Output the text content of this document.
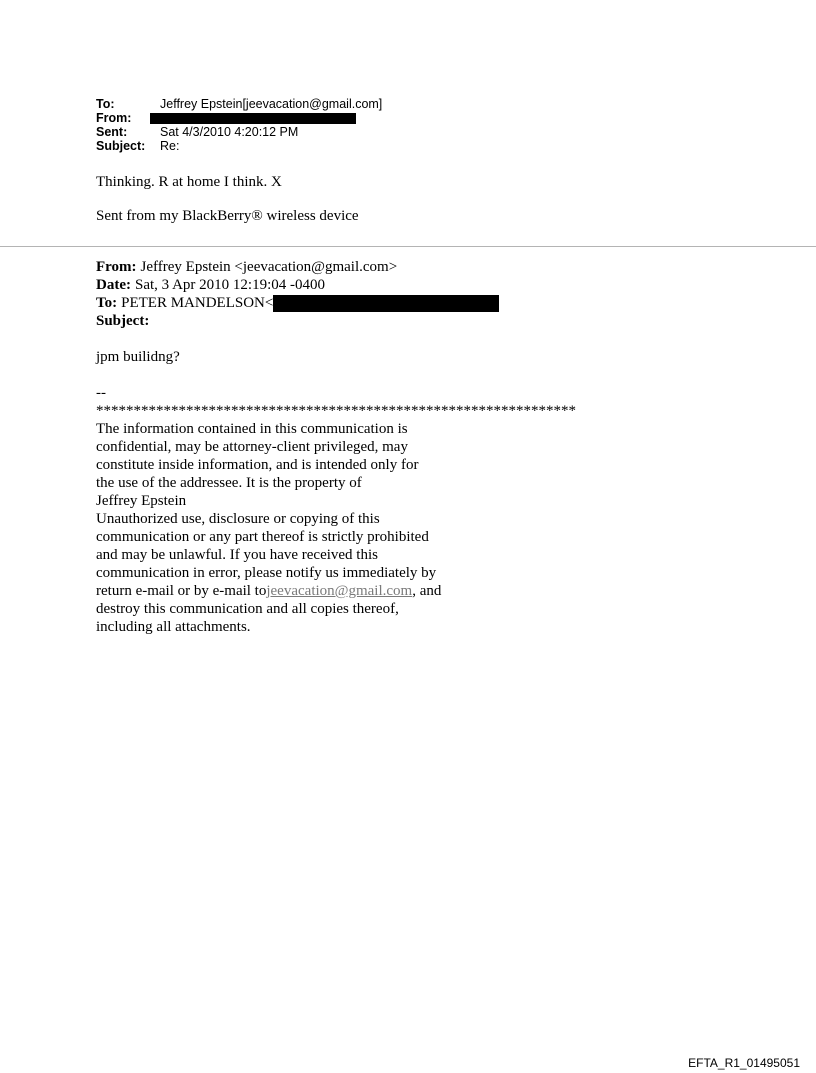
To:	Jeffrey Epstein[jeevacation@gmail.com]
From:
Sent:	Sat 4/3/2010 4:20:12 PM
Subject:	Re:

Thinking. R at home I think. X

Sent from my BlackBerry® wireless device

From: Jeffrey Epstein <jeevacation@gmail.com>
Date: Sat, 3 Apr 2010 12:19:04 -0400
To: PETER MANDELSON<
Subject:
jpm builidng?
--
****************************************************************
The information contained in this communication is
confidential, may be attorney-client privileged, may
constitute inside information, and is intended only for
the use of the addressee. It is the property of
Jeffrey Epstein
Unauthorized use, disclosure or copying of this
communication or any part thereof is strictly prohibited
and may be unlawful. If you have received this
communication in error, please notify us immediately by
return e-mail or by e-mail to jeevacation@gmail.com , and
destroy this communication and all copies thereof,
including all attachments.
EFTA_R1_01495051
